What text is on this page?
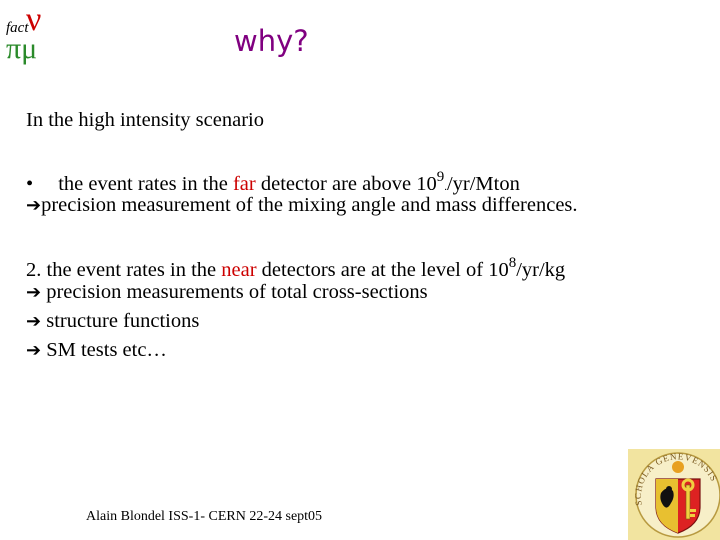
fact
ν
πμ	why?
In the high intensity scenario
• the event rates in the far detector are above $10^9./yr$/Mton
➔precision measurement of the mixing angle and mass differences.
2. the event rates in the near detectors are at the level of $10^8/yr/kg$
➔ precision measurements of total cross-sections
➔ structure functions
➔ SM tests etc…
Alain Blondel ISS-1- CERN 22-24 sept05
SCHOLA GENEVENSIS
